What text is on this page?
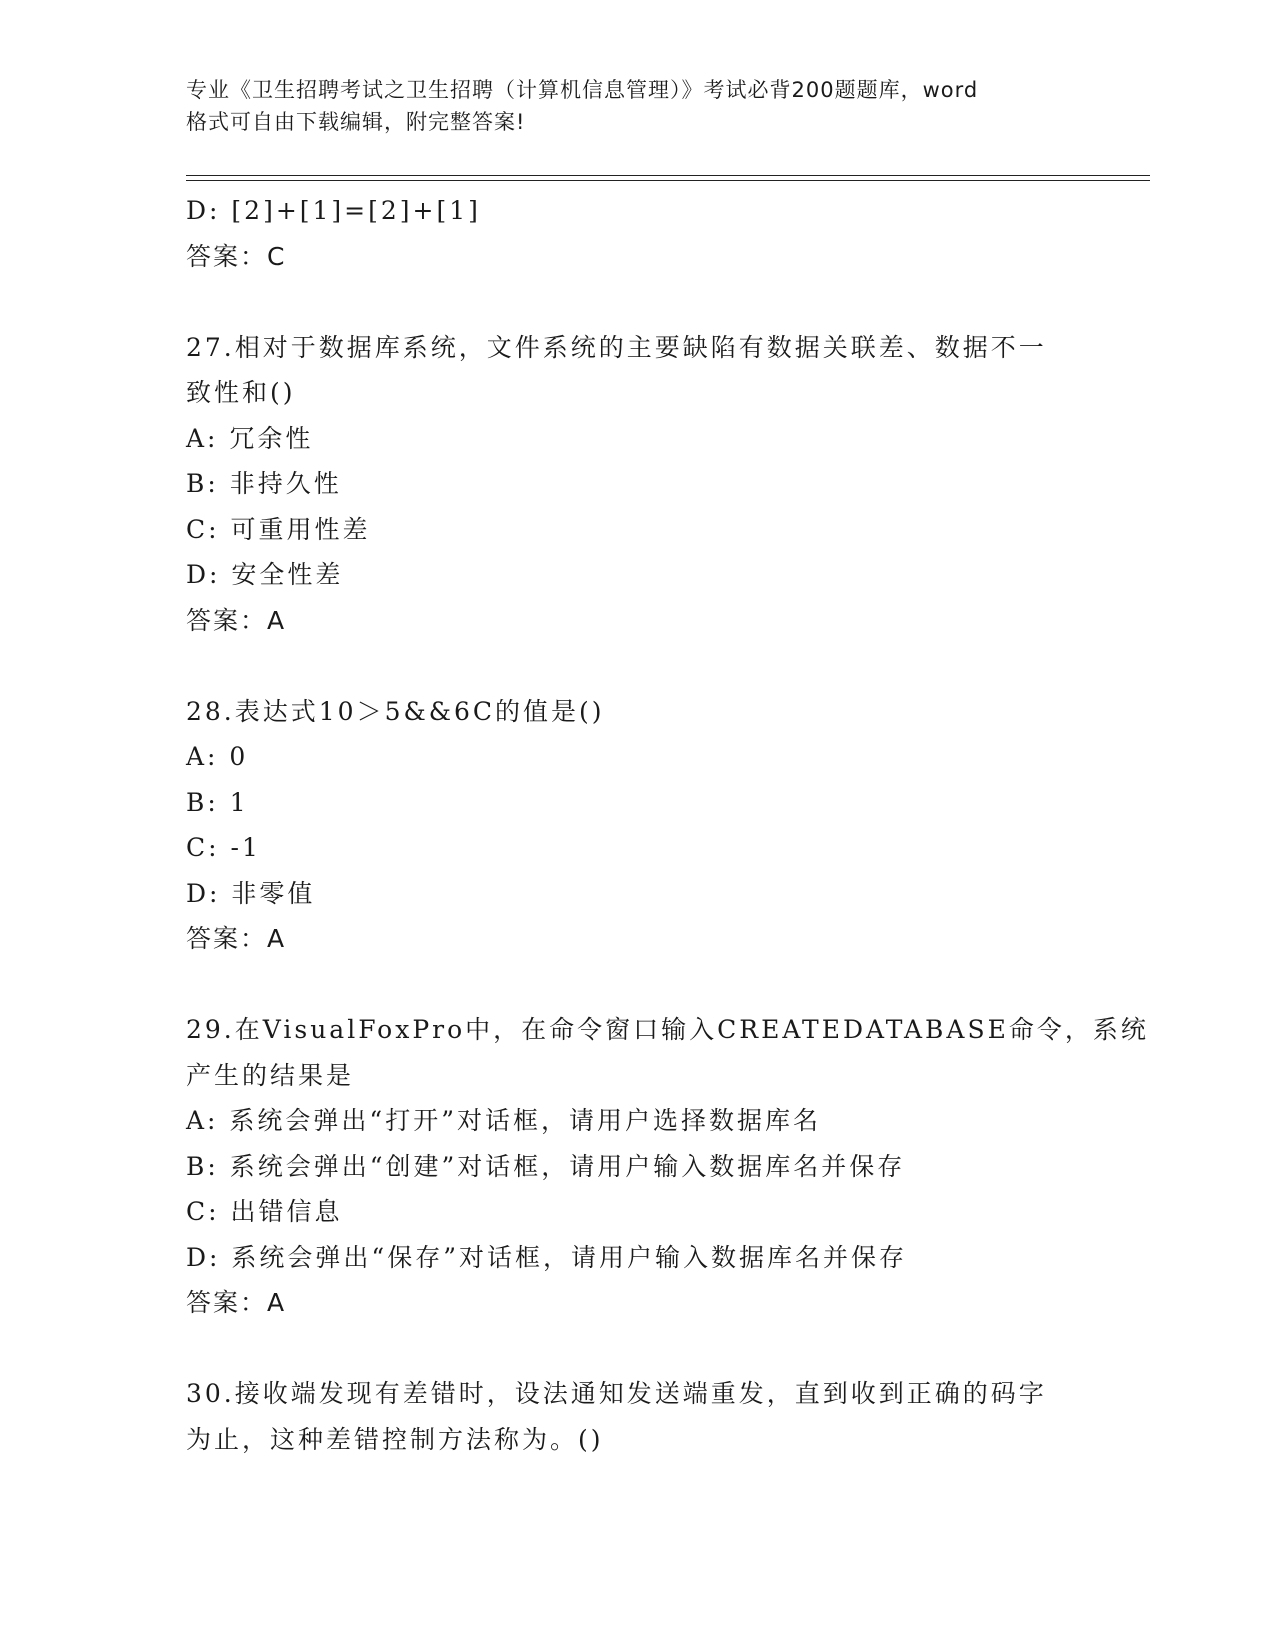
专业《卫生招聘考试之卫生招聘（计算机信息管理）》考试必背200题题库，word
格式可自由下载编辑，附完整答案!

D: [2]+[1]=[2]+[1]

答案：C

27.相对于数据库系统，文件系统的主要缺陷有数据关联差、数据不一

致性和()

A: 冗余性

B: 非持久性

C: 可重用性差

D: 安全性差

答案：A

28.表达式10＞5&&6C的值是()

A: 0

B: 1

C: -1

D: 非零值

答案：A

29.在VisualFoxPro中，在命令窗口输入CREATEDATABASE命令，系统

产生的结果是

A: 系统会弹出“打开”对话框，请用户选择数据库名

B: 系统会弹出“创建”对话框，请用户输入数据库名并保存

C: 出错信息

D: 系统会弹出“保存”对话框，请用户输入数据库名并保存

答案：A

30.接收端发现有差错时，设法通知发送端重发，直到收到正确的码字

为止，这种差错控制方法称为。()
